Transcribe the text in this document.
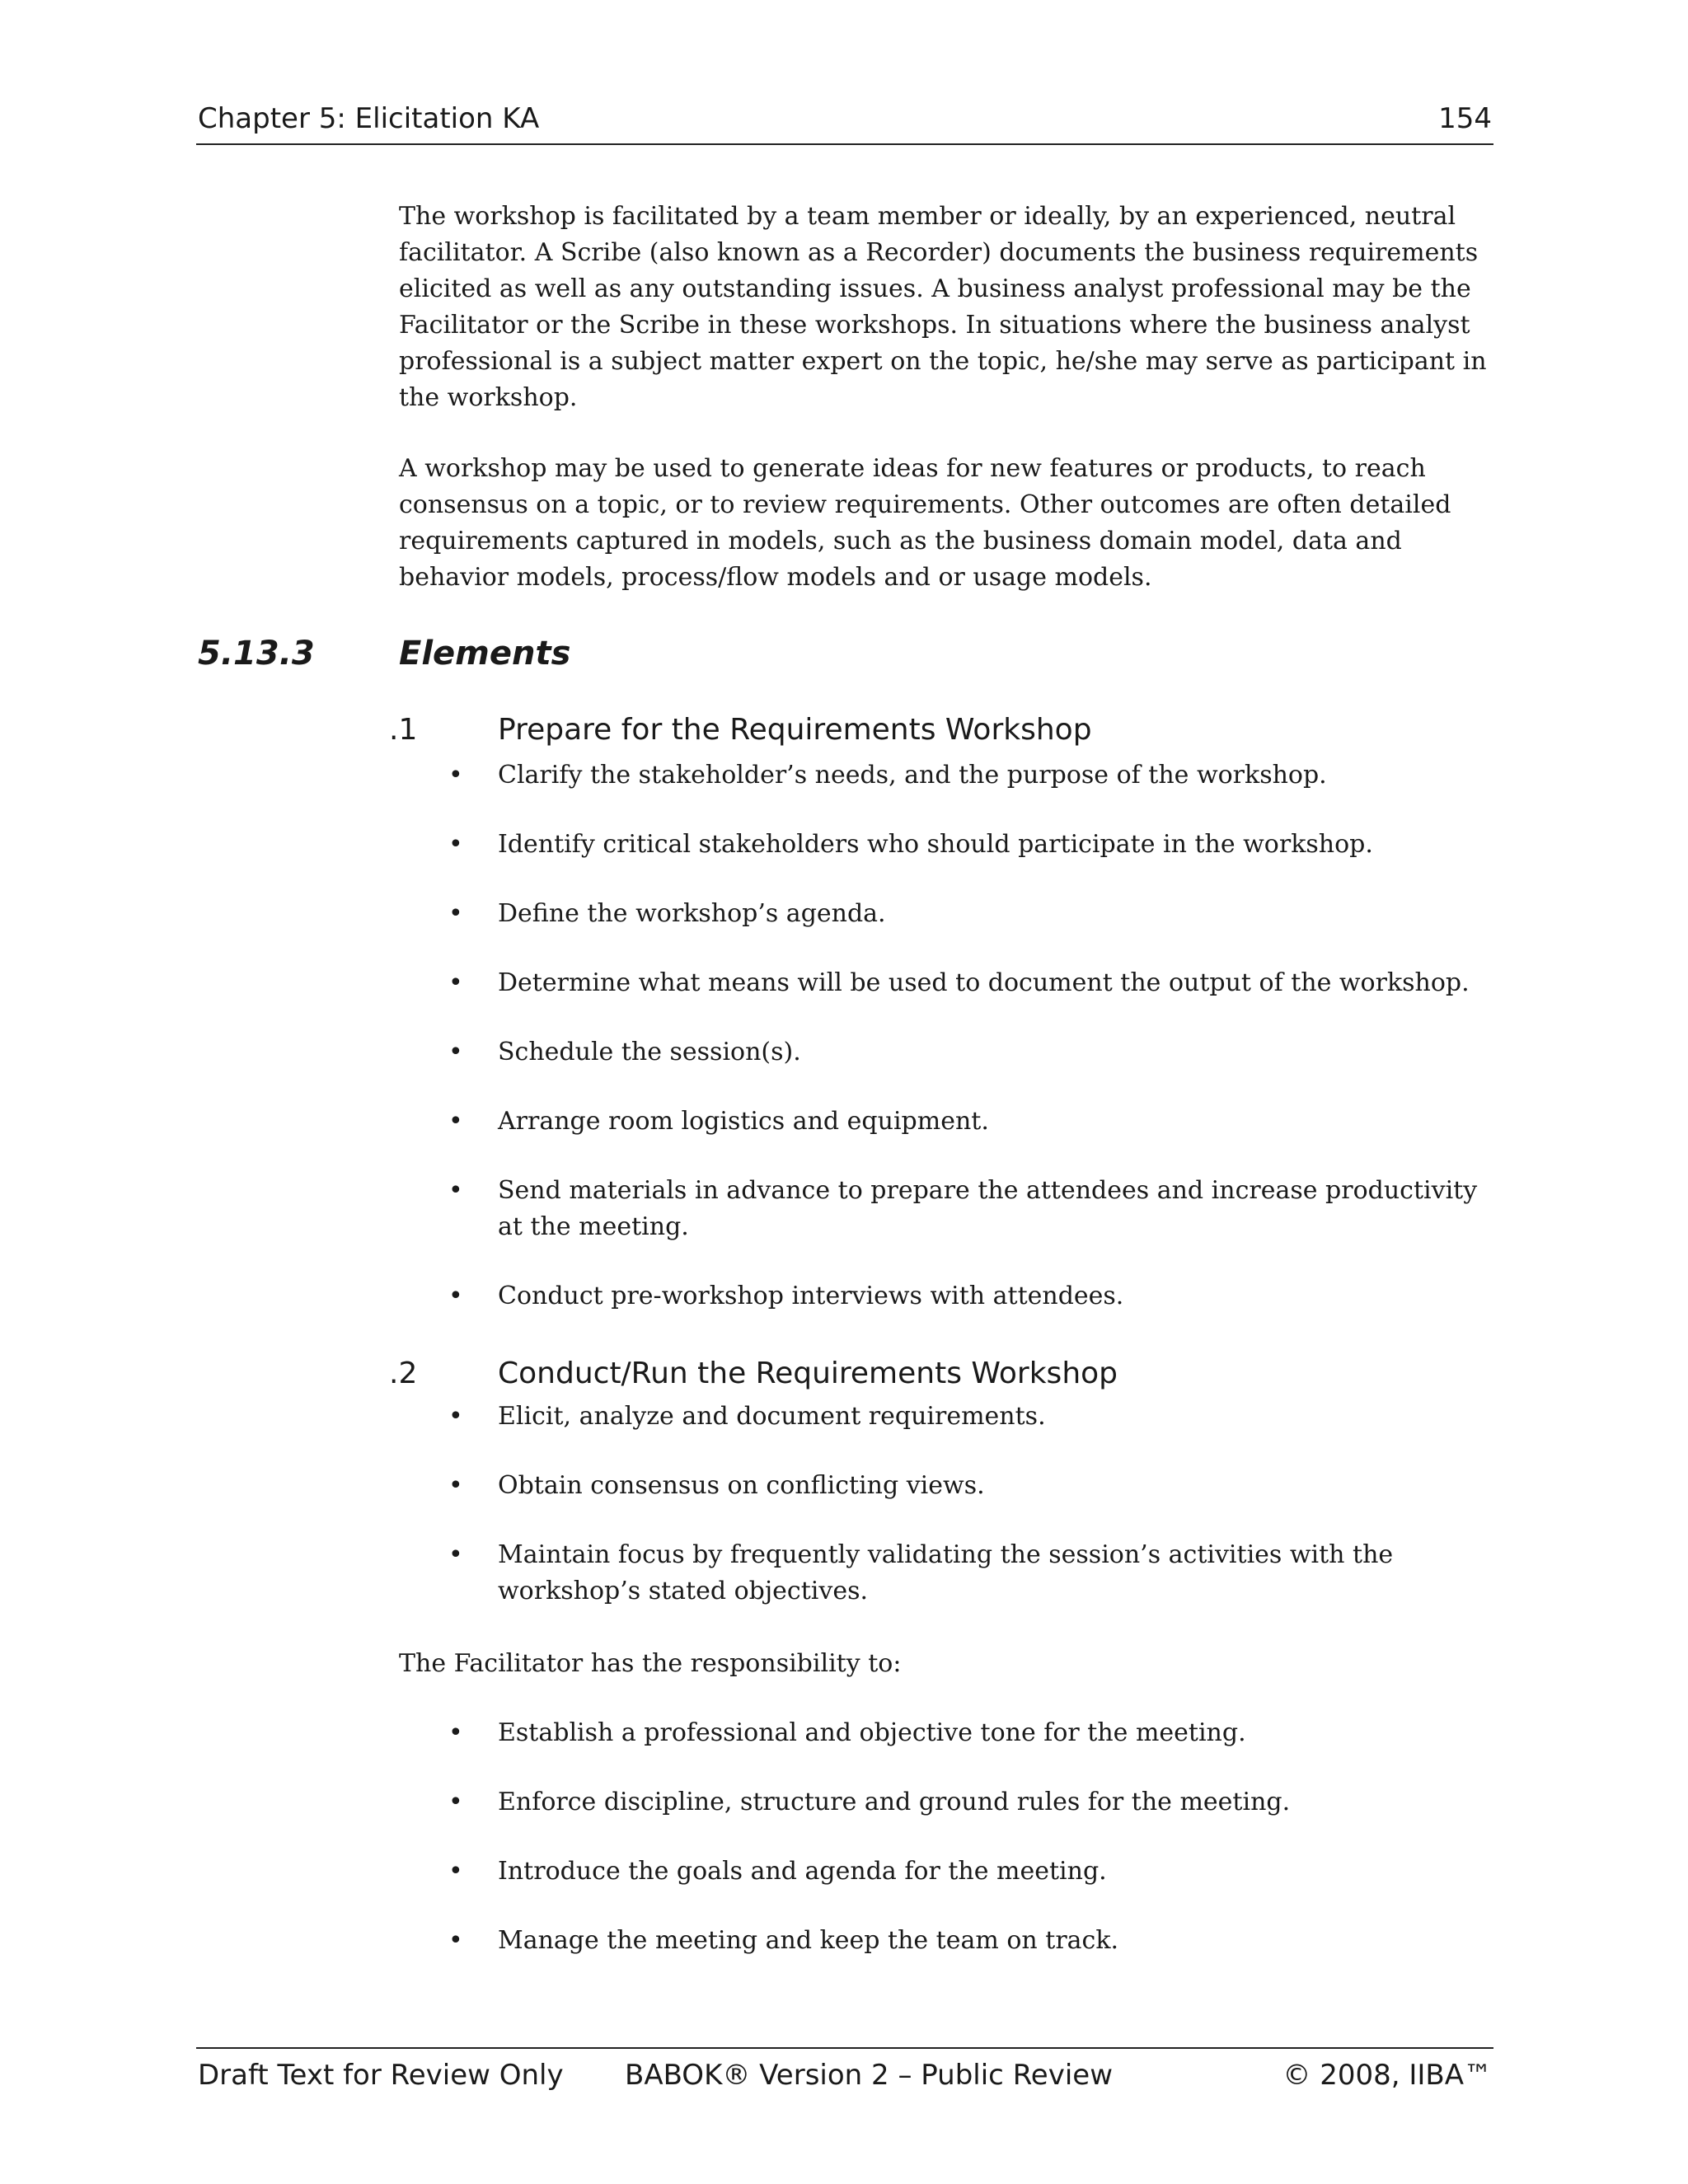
Chapter 5: Elicitation KA	154

The workshop is facilitated by a team member or ideally, by an experienced, neutral facilitator. A Scribe (also known as a Recorder) documents the business requirements elicited as well as any outstanding issues. A business analyst professional may be the Facilitator or the Scribe in these workshops. In situations where the business analyst professional is a subject matter expert on the topic, he/she may serve as participant in the workshop.

A workshop may be used to generate ideas for new features or products, to reach consensus on a topic, or to review requirements. Other outcomes are often detailed requirements captured in models, such as the business domain model, data and behavior models, process/flow models and or usage models.

5.13.3	Elements
.1	Prepare for the Requirements Workshop
• Clarify the stakeholder’s needs, and the purpose of the workshop.
• Identify critical stakeholders who should participate in the workshop.
• Define the workshop’s agenda.
• Determine what means will be used to document the output of the workshop.
• Schedule the session(s).
• Arrange room logistics and equipment.
• Send materials in advance to prepare the attendees and increase productivity at the meeting.
• Conduct pre-workshop interviews with attendees.
.2	Conduct/Run the Requirements Workshop
• Elicit, analyze and document requirements.
• Obtain consensus on conflicting views.
• Maintain focus by frequently validating the session’s activities with the workshop’s stated objectives.

The Facilitator has the responsibility to:

• Establish a professional and objective tone for the meeting.
• Enforce discipline, structure and ground rules for the meeting.
• Introduce the goals and agenda for the meeting.
• Manage the meeting and keep the team on track.
Draft Text for Review Only BABOK® Version 2 – Public Review	© 2008, IIBA™
